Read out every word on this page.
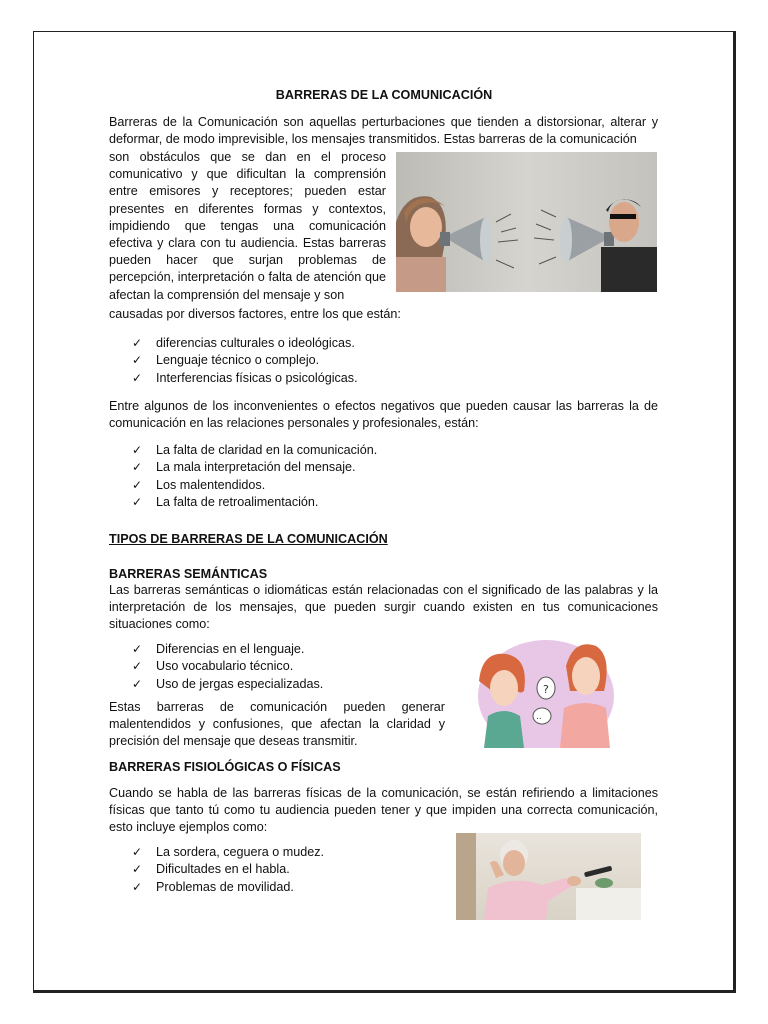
BARRERAS DE LA COMUNICACIÓN

Barreras de la Comunicación son aquellas perturbaciones que tienden a distorsionar, alterar y deformar, de modo imprevisible, los mensajes transmitidos. Estas barreras de la comunicación

son obstáculos que se dan en el proceso comunicativo y que dificultan la comprensión entre emisores y receptores; pueden estar presentes en diferentes formas y contextos, impidiendo que tengas una comunicación efectiva y clara con tu audiencia. Estas barreras pueden hacer que surjan problemas de percepción, interpretación o falta de atención que afectan la comprensión del mensaje y son

causadas por diversos factores, entre los que están:

✓ diferencias culturales o ideológicas.
✓ Lenguaje técnico o complejo.
✓ Interferencias físicas o psicológicas.

Entre algunos de los inconvenientes o efectos negativos que pueden causar las barreras la de comunicación en las relaciones personales y profesionales, están:

✓ La falta de claridad en la comunicación.
✓ La mala interpretación del mensaje.
✓ Los malentendidos.
✓ La falta de retroalimentación.
TIPOS DE BARRERAS DE LA COMUNICACIÓN
BARRERAS SEMÁNTICAS

Las barreras semánticas o idiomáticas están relacionadas con el significado de las palabras y la interpretación de los mensajes, que pueden surgir cuando existen en tus comunicaciones situaciones como:

✓ Diferencias en el lenguaje.
✓ Uso vocabulario técnico.
✓ Uso de jergas especializadas.

Estas barreras de comunicación pueden generar malentendidos y confusiones, que afectan la claridad y precisión del mensaje que deseas transmitir.

?
..
BARRERAS FISIOLÓGICAS O FÍSICAS

Cuando se habla de las barreras físicas de la comunicación, se están refiriendo a limitaciones físicas que tanto tú como tu audiencia pueden tener y que impiden una correcta comunicación, esto incluye ejemplos como:

✓ La sordera, ceguera o mudez.
✓ Dificultades en el habla.
✓ Problemas de movilidad.
